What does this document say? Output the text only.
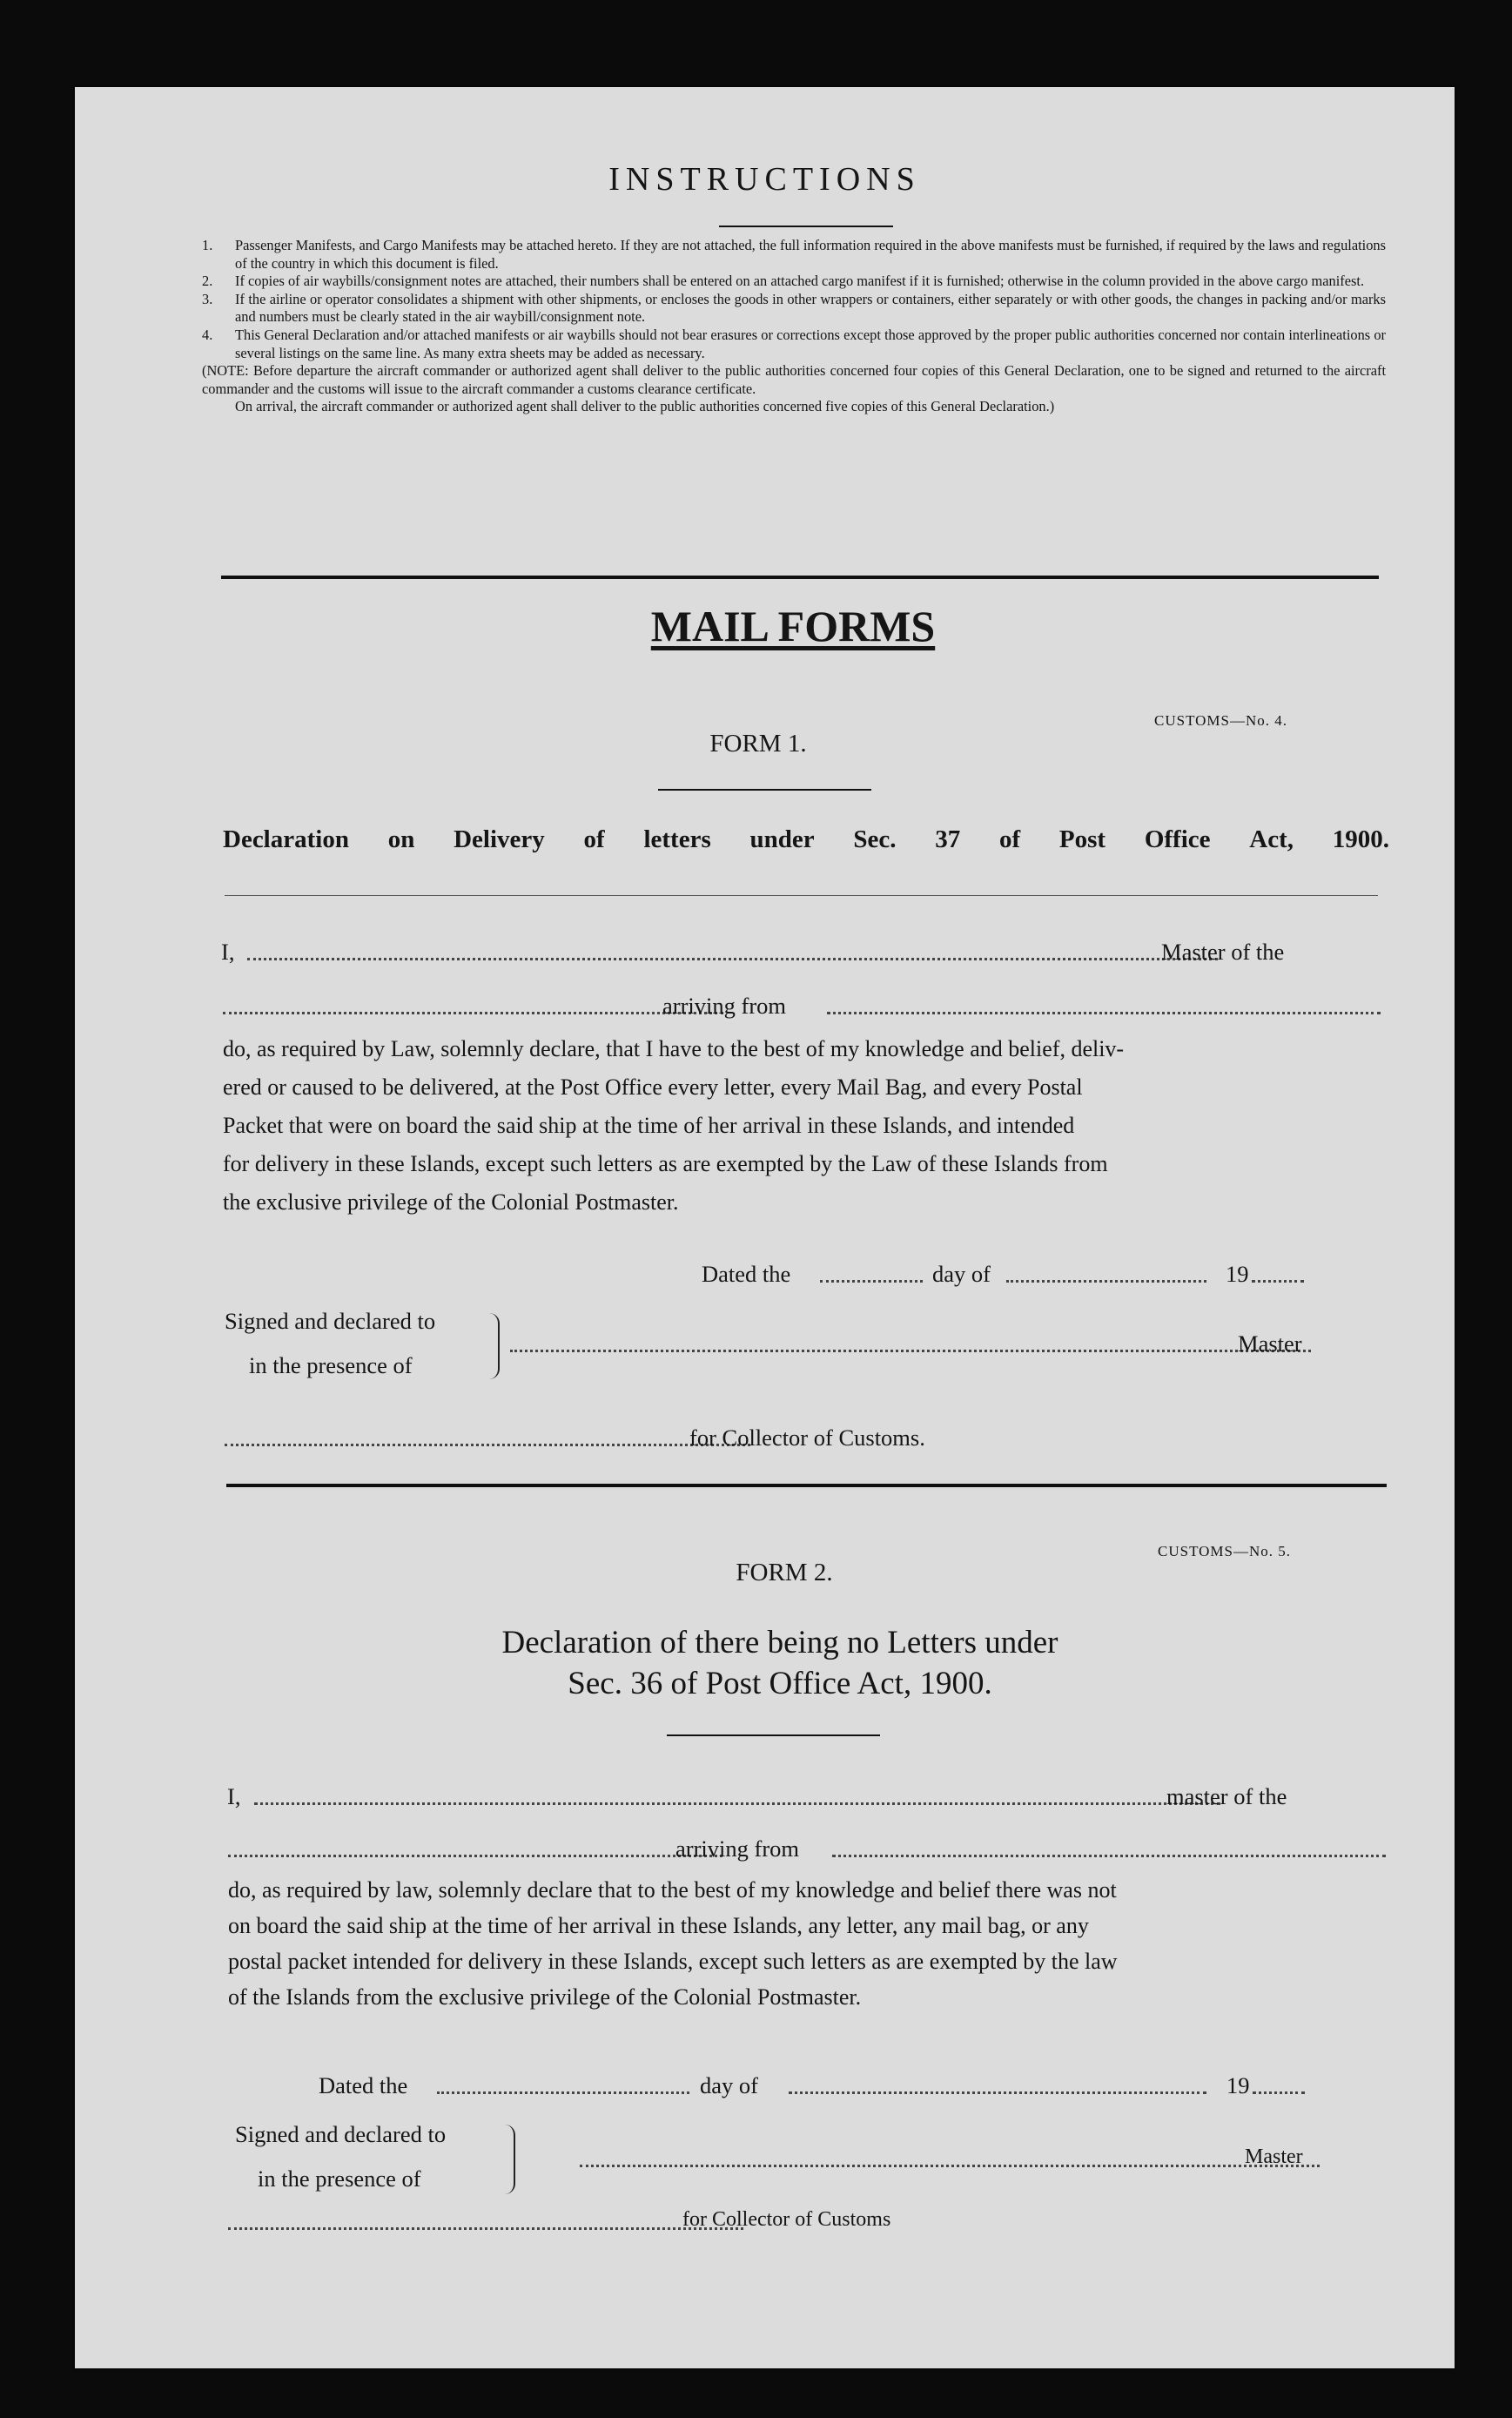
INSTRUCTIONS
1. Passenger Manifests, and Cargo Manifests may be attached hereto. If they are not attached, the full information required in the above manifests must be furnished, if required by the laws and regulations of the country in which this document is filed.
2. If copies of air waybills/consignment notes are attached, their numbers shall be entered on an attached cargo manifest if it is furnished; otherwise in the column provided in the above cargo manifest.
3. If the airline or operator consolidates a shipment with other shipments, or encloses the goods in other wrappers or containers, either separately or with other goods, the changes in packing and/or marks and numbers must be clearly stated in the air waybill/consignment note.
4. This General Declaration and/or attached manifests or air waybills should not bear erasures or corrections except those approved by the proper public authorities concerned nor contain interlineations or several listings on the same line. As many extra sheets may be added as necessary.
(NOTE: Before departure the aircraft commander or authorized agent shall deliver to the public authorities concerned four copies of this General Declaration, one to be signed and returned to the aircraft commander and the customs will issue to the aircraft commander a customs clearance certificate.
On arrival, the aircraft commander or authorized agent shall deliver to the public authorities concerned five copies of this General Declaration.)
MAIL FORMS
CUSTOMS—No. 4.
FORM 1.
Declaration on Delivery of letters under Sec. 37 of Post Office Act, 1900.
I,	Master of the
arriving from
do, as required by Law, solemnly declare, that I have to the best of my knowledge and belief, deliv-
ered or caused to be delivered, at the Post Office every letter, every Mail Bag, and every Postal
Packet that were on board the said ship at the time of her arrival in these Islands, and intended
for delivery in these Islands, except such letters as are exempted by the Law of these Islands from
the exclusive privilege of the Colonial Postmaster.
Dated the	day of	19
Signed and declared to
in the presence of
Master
for Collector of Customs.
CUSTOMS—No. 5.
FORM 2.
Declaration of there being no Letters under
Sec. 36 of Post Office Act, 1900.
I,	master of the
arriving from
do, as required by law, solemnly declare that to the best of my knowledge and belief there was not
on board the said ship at the time of her arrival in these Islands, any letter, any mail bag, or any
postal packet intended for delivery in these Islands, except such letters as are exempted by the law
of the Islands from the exclusive privilege of the Colonial Postmaster.
Dated the	day of	19
Signed and declared to
in the presence of
Master
for Collector of Customs
